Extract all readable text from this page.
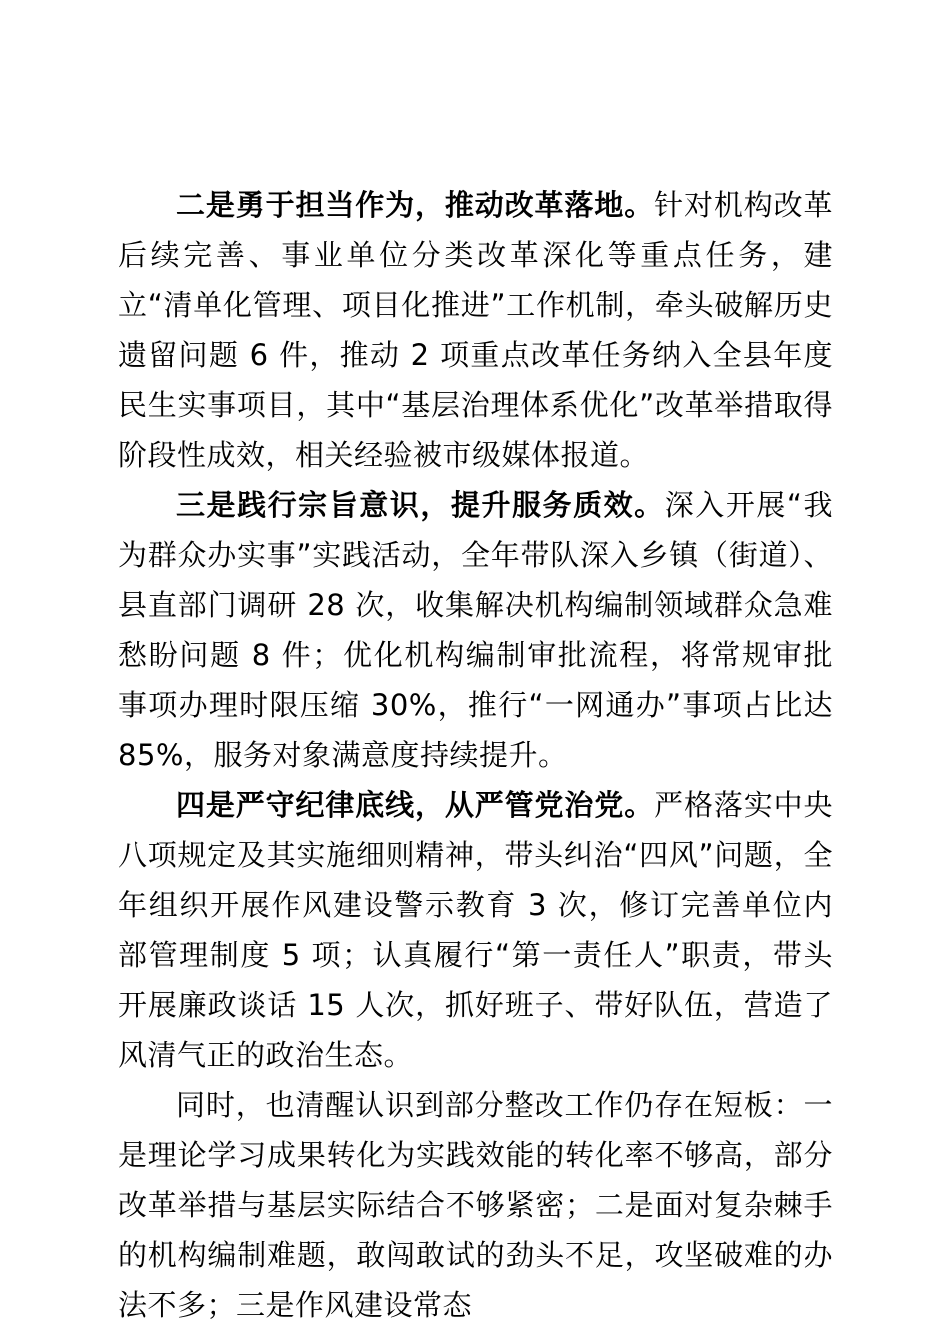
二是勇于担当作为，推动改革落地。针对机构改革后续完善、事业单位分类改革深化等重点任务，建立“清单化管理、项目化推进”工作机制，牵头破解历史遗留问题 6 件，推动 2 项重点改革任务纳入全县年度民生实事项目，其中“基层治理体系优化”改革举措取得阶段性成效，相关经验被市级媒体报道。

三是践行宗旨意识，提升服务质效。深入开展“我为群众办实事”实践活动，全年带队深入乡镇（街道）、县直部门调研 28 次，收集解决机构编制领域群众急难愁盼问题 8 件；优化机构编制审批流程，将常规审批事项办理时限压缩 30%，推行“一网通办”事项占比达 85%，服务对象满意度持续提升。

四是严守纪律底线，从严管党治党。严格落实中央八项规定及其实施细则精神，带头纠治“四风”问题，全年组织开展作风建设警示教育 3 次，修订完善单位内部管理制度 5 项；认真履行“第一责任人”职责，带头开展廉政谈话 15 人次，抓好班子、带好队伍，营造了风清气正的政治生态。

同时，也清醒认识到部分整改工作仍存在短板：一是理论学习成果转化为实践效能的转化率不够高，部分改革举措与基层实际结合不够紧密；二是面对复杂棘手的机构编制难题，敢闯敢试的劲头不足，攻坚破难的办法不多；三是作风建设常态
